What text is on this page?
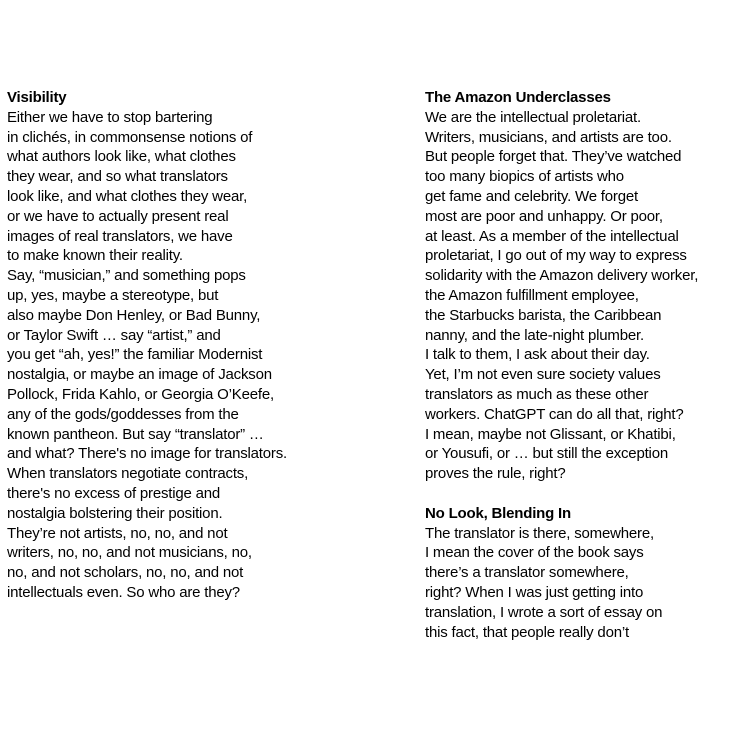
Visibility
Either we have to stop bartering
in clichés, in commonsense notions of
what authors look like, what clothes
they wear, and so what translators
look like, and what clothes they wear,
or we have to actually present real
images of real translators, we have
to make known their reality.
Say, “musician,” and something pops
up, yes, maybe a stereotype, but
also maybe Don Henley, or Bad Bunny,
or Taylor Swift … say “artist,” and
you get “ah, yes!” the familiar Modernist
nostalgia, or maybe an image of Jackson
Pollock, Frida Kahlo, or Georgia O’Keefe,
any of the gods/goddesses from the
known pantheon. But say “translator” …
and what? There's no image for translators.
When translators negotiate contracts,
there's no excess of prestige and
nostalgia bolstering their position.
They’re not artists, no, no, and not
writers, no, no, and not musicians, no,
no, and not scholars, no, no, and not
intellectuals even. So who are they?
The Amazon Underclasses
We are the intellectual proletariat.
Writers, musicians, and artists are too.
But people forget that. They’ve watched
too many biopics of artists who
get fame and celebrity. We forget
most are poor and unhappy. Or poor,
at least. As a member of the intellectual
proletariat, I go out of my way to express
solidarity with the Amazon delivery worker,
the Amazon fulfillment employee,
the Starbucks barista, the Caribbean
nanny, and the late-night plumber.
I talk to them, I ask about their day.
Yet, I’m not even sure society values
translators as much as these other
workers. ChatGPT can do all that, right?
I mean, maybe not Glissant, or Khatibi,
or Yousufi, or … but still the exception
proves the rule, right?
No Look, Blending In
The translator is there, somewhere,
I mean the cover of the book says
there’s a translator somewhere,
right? When I was just getting into
translation, I wrote a sort of essay on
this fact, that people really don’t
